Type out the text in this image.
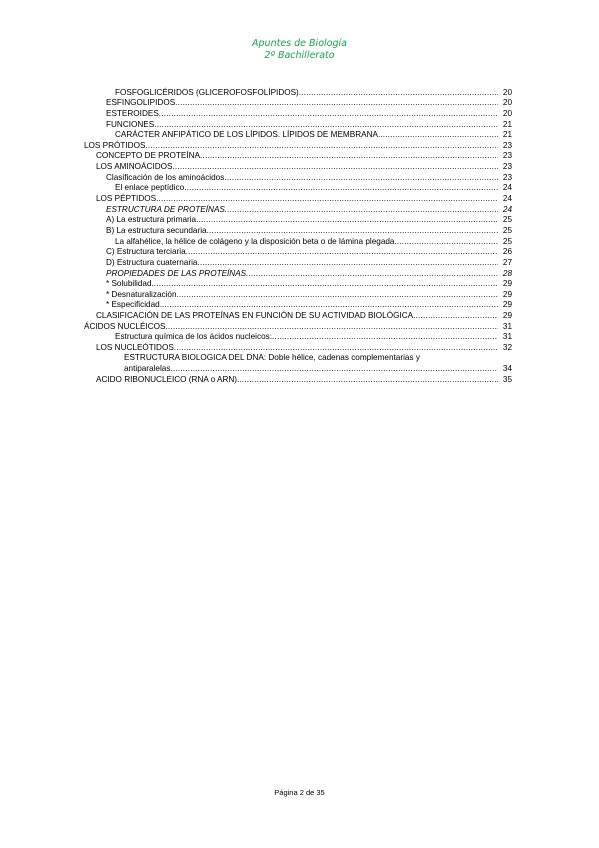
Apuntes de Biología
2º Bachillerato
FOSFOGLICÉRIDOS (GLICEROFOSFOLÍPIDOS) .....	20
ESFINGOLIPIDOS .....	20
ESTEROIDES .....	20
FUNCIONES .....	21
CARÁCTER ANFIPÁTICO DE LOS LÍPIDOS. LÍPIDOS DE MEMBRANA. .....	21
LOS PRÓTIDOS .....	23
CONCEPTO DE PROTEÍNA .....	23
LOS AMINOÁCIDOS .....	23
Clasificación de los aminoácidos .....	23
El enlace peptídico .....	24
LOS PÉPTIDOS .....	24
ESTRUCTURA DE PROTEÍNAS .....	24
A) La estructura primaria .....	25
B) La estructura secundaria .....	25
La alfahélice, la hélice de colágeno y la disposición beta o de lámina plegada. .....	25
C) Estructura terciaria .....	26
D) Estructura cuaternaria .....	27
PROPIEDADES DE LAS PROTEÍNAS .....	28
* Solubilidad. .....	29
* Desnaturalización. .....	29
* Especificidad. .....	29
CLASIFICACIÓN DE LAS PROTEÍNAS EN FUNCIÓN DE SU ACTIVIDAD BIOLÓGICA .....	29
ÁCIDOS NUCLÉICOS .....	31
Estructura química de los ácidos nucleicos: .....	31
LOS NUCLEÓTIDOS .....	32
ESTRUCTURA BIOLOGICA DEL DNA: Doble hélice, cadenas complementarias y
antiparalelas .....	34
ACIDO RIBONUCLEICO (RNA o ARN). .....	35
Página 2 de 35
